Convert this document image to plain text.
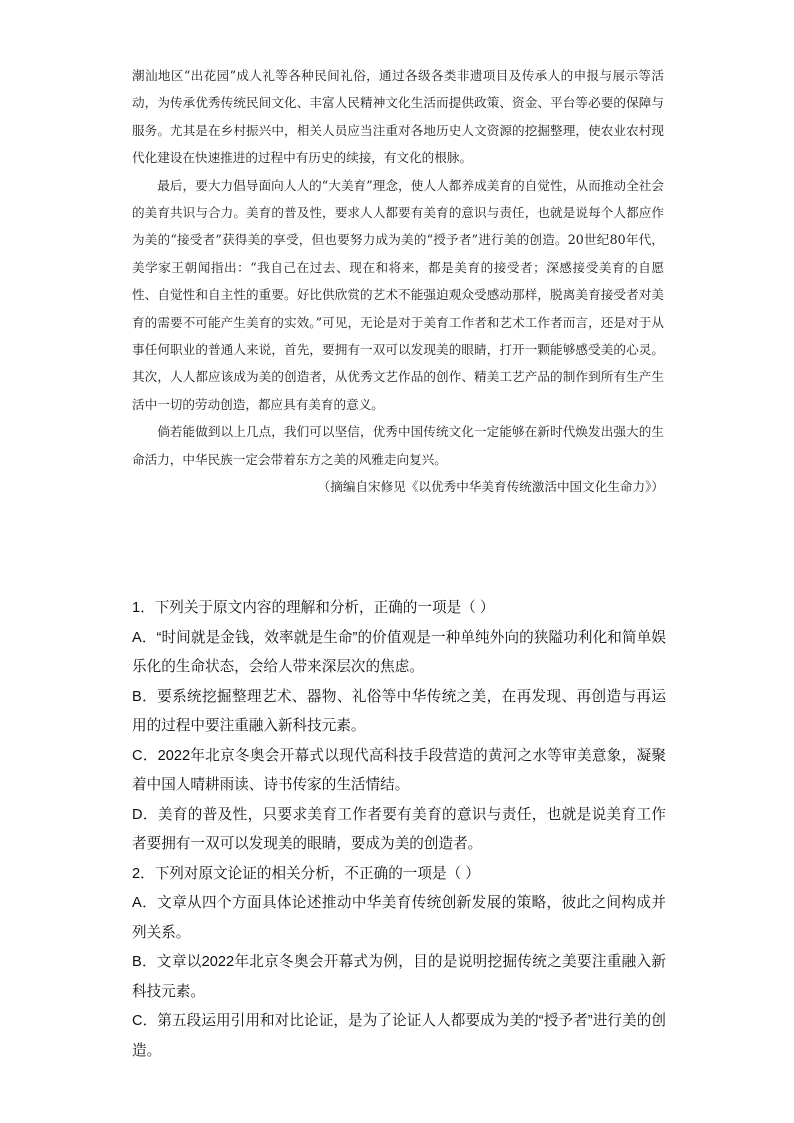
潮汕地区“出花园”成人礼等各种民间礼俗，通过各级各类非遗项目及传承人的申报与展示等活动，为传承优秀传统民间文化、丰富人民精神文化生活而提供政策、资金、平台等必要的保障与服务。尤其是在乡村振兴中，相关人员应当注重对各地历史人文资源的挖掘整理，使农业农村现代化建设在快速推进的过程中有历史的续接，有文化的根脉。

最后，要大力倡导面向人人的“大美育”理念，使人人都养成美育的自觉性，从而推动全社会的美育共识与合力。美育的普及性，要求人人都要有美育的意识与责任，也就是说每个人都应作为美的“接受者”获得美的享受，但也要努力成为美的“授予者”进行美的创造。20世纪80年代，美学家王朝闻指出：“我自己在过去、现在和将来，都是美育的接受者；深感接受美育的自愿性、自觉性和自主性的重要。好比供欣赏的艺术不能强迫观众受感动那样，脱离美育接受者对美育的需要不可能产生美育的实效。”可见，无论是对于美育工作者和艺术工作者而言，还是对于从事任何职业的普通人来说，首先，要拥有一双可以发现美的眼睛，打开一颗能够感受美的心灵。其次，人人都应该成为美的创造者，从优秀文艺作品的创作、精美工艺产品的制作到所有生产生活中一切的劳动创造，都应具有美育的意义。

倘若能做到以上几点，我们可以坚信，优秀中国传统文化一定能够在新时代焕发出强大的生命活力，中华民族一定会带着东方之美的风雅走向复兴。

（摘编自宋修见《以优秀中华美育传统激活中国文化生命力》）

1．下列关于原文内容的理解和分析，正确的一项是（ ）

A．“时间就是金钱，效率就是生命”的价值观是一种单纯外向的狭隘功利化和简单娱乐化的生命状态，会给人带来深层次的焦虑。

B．要系统挖掘整理艺术、器物、礼俗等中华传统之美，在再发现、再创造与再运用的过程中要注重融入新科技元素。

C．2022年北京冬奥会开幕式以现代高科技手段营造的黄河之水等审美意象，凝聚着中国人晴耕雨读、诗书传家的生活情结。

D．美育的普及性，只要求美育工作者要有美育的意识与责任，也就是说美育工作者要拥有一双可以发现美的眼睛，要成为美的创造者。

2．下列对原文论证的相关分析，不正确的一项是（ ）

A．文章从四个方面具体论述推动中华美育传统创新发展的策略，彼此之间构成并列关系。

B．文章以2022年北京冬奥会开幕式为例，目的是说明挖掘传统之美要注重融入新科技元素。

C．第五段运用引用和对比论证，是为了论证人人都要成为美的“授予者”进行美的创造。
